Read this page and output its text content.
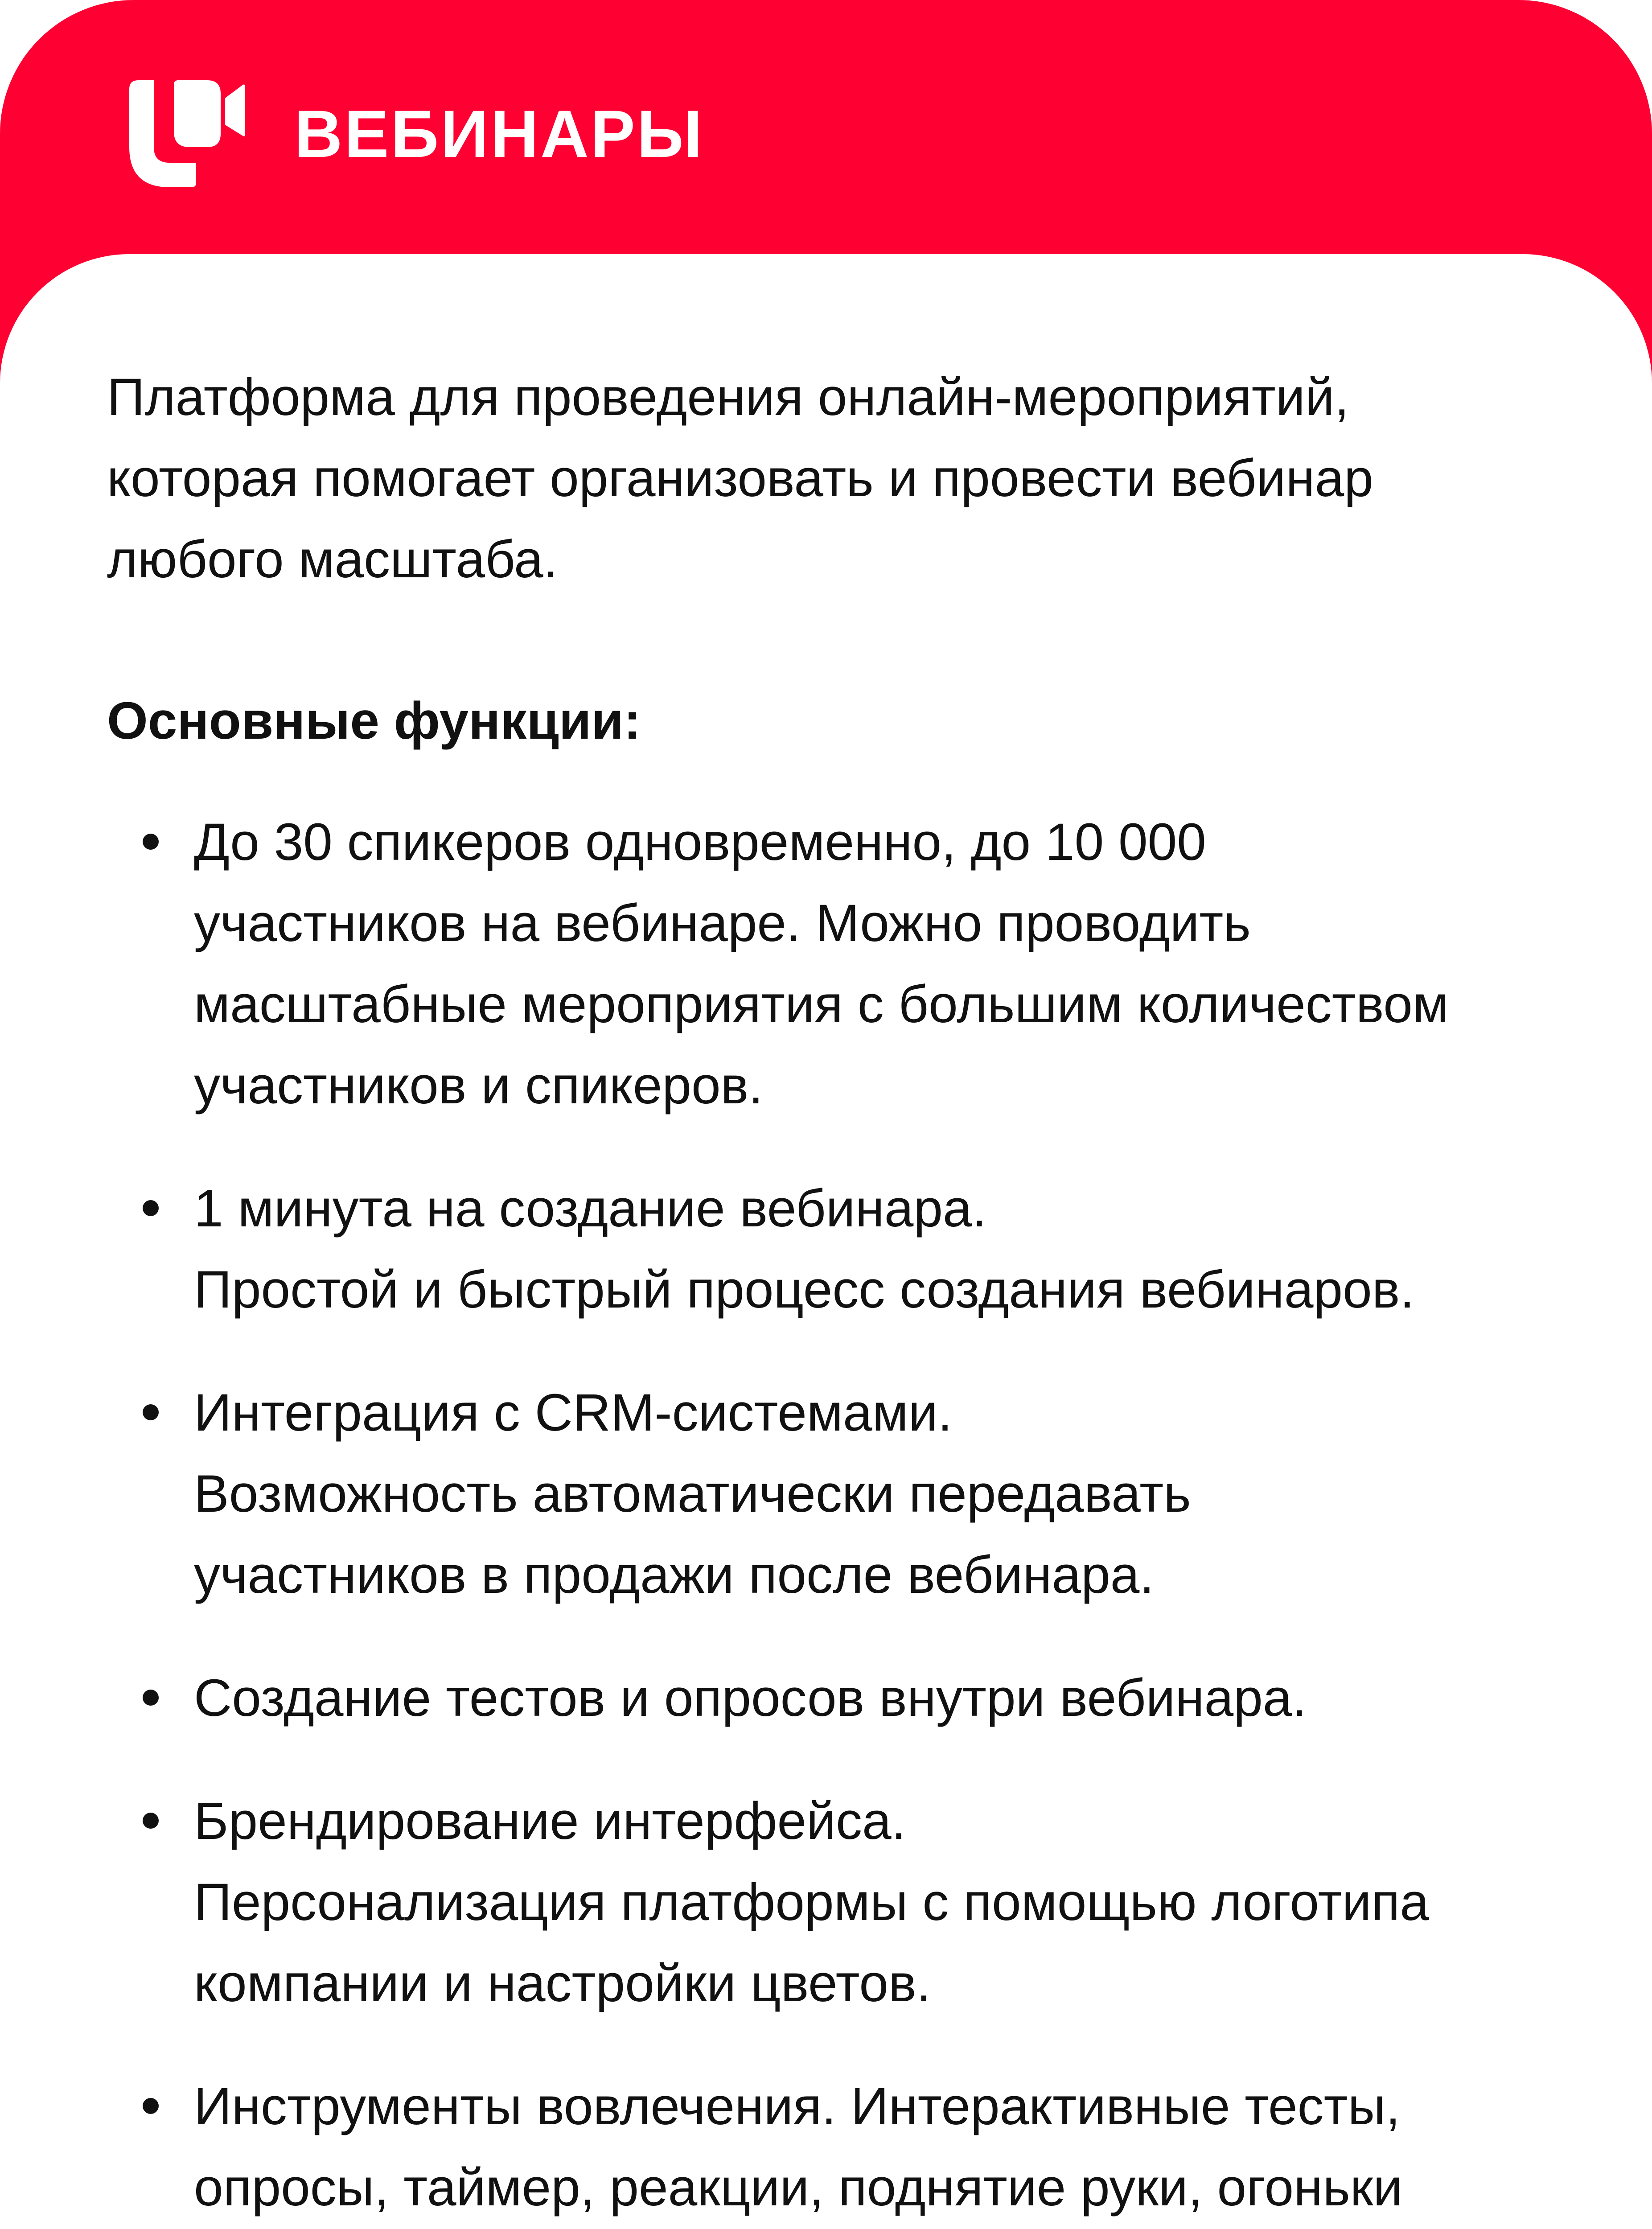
ВЕБИНАРЫ

Платформа для проведения онлайн-мероприятий,
которая помогает организовать и провести вебинар
любого масштаба.

Основные функции:
До 30 спикеров одновременно, до 10 000
участников на вебинаре. Можно проводить
масштабные мероприятия с большим количеством
участников и спикеров.
1 минута на создание вебинара.
Простой и быстрый процесс создания вебинаров.
Интеграция с CRM-системами.
Возможность автоматически передавать
участников в продажи после вебинара.
Создание тестов и опросов внутри вебинара.
Брендирование интерфейса.
Персонализация платформы с помощью логотипа
компании и настройки цветов.
Инструменты вовлечения. Интерактивные тесты,
опросы, таймер, реакции, поднятие руки, огоньки
